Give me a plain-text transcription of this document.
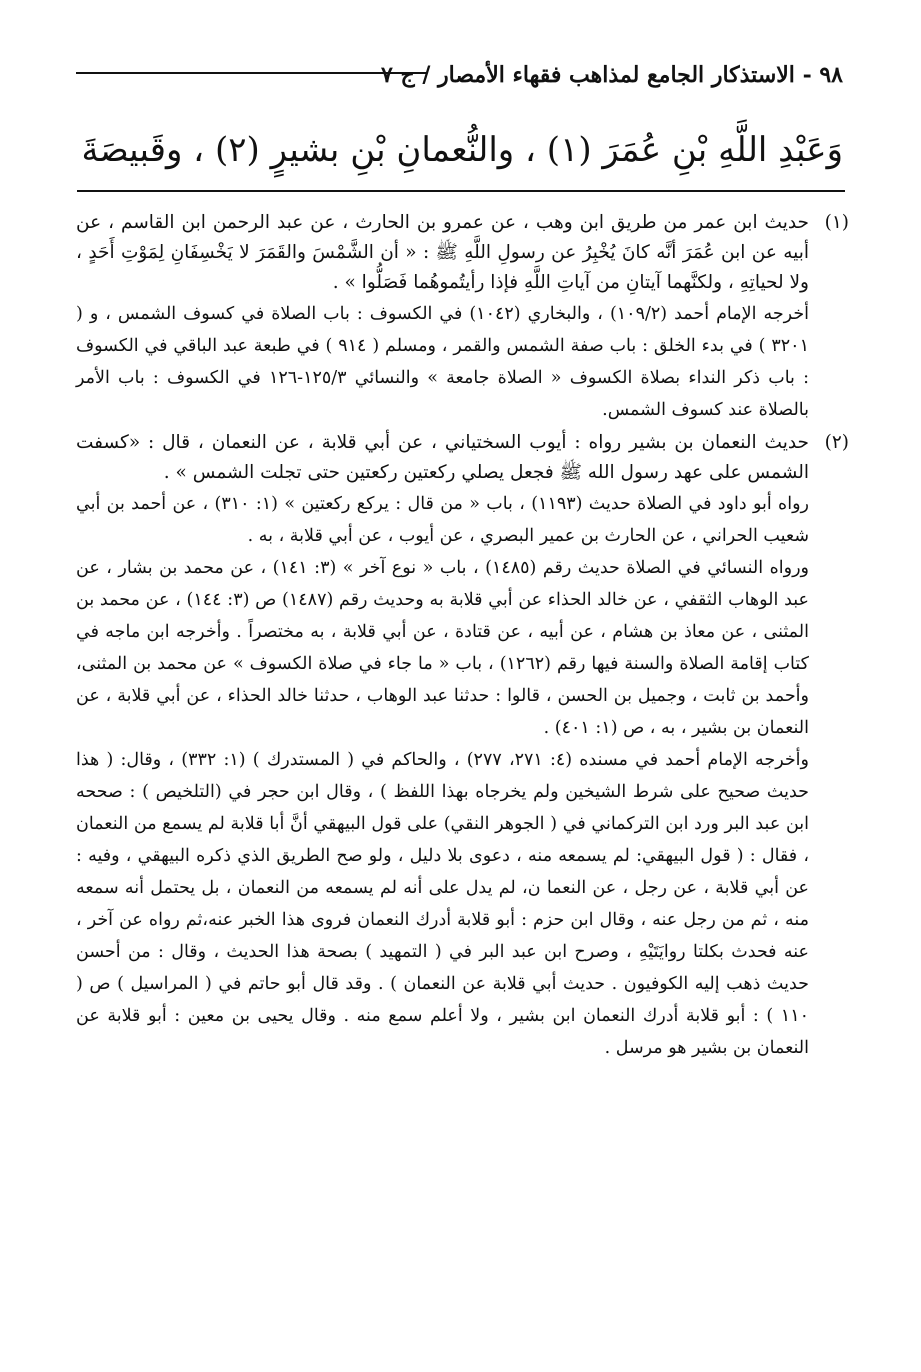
٩٨ - الاستذكار الجامع لمذاهب فقهاء الأمصار / ج ٧
وَعَبْدِ اللَّهِ بْنِ عُمَرَ (١) ، والنُّعمانِ بْنِ بشيرٍ (٢) ، وقَبيصَةَ
(١)

حديث ابن عمر من طريق ابن وهب ، عن عمرو بن الحارث ، عن عبد الرحمن ابن القاسم ، عن أبيه عن ابن عُمَرَ أنَّه كانَ يُخْبِرُ عن رسولِ اللَّهِ ﷺ : « أن الشَّمْسَ والقَمَرَ لا يَخْسِفَانِ لِمَوْتِ أَحَدٍ ، ولا لحياتِهِ ، ولكنَّهما آيتانِ من آياتِ اللَّهِ فإذا رأيتُموهُما فَصَلُّوا » .

أخرجه الإمام أحمد (١٠٩/٢) ، والبخاري (١٠٤٢) في الكسوف : باب الصلاة في كسوف الشمس ، و ( ٣٢٠١ ) في بدء الخلق : باب صفة الشمس والقمر ، ومسلم ( ٩١٤ ) في طبعة عبد الباقي في الكسوف : باب ذكر النداء بصلاة الكسوف « الصلاة جامعة » والنسائي ١٢٥/٣-١٢٦ في الكسوف : باب الأمر بالصلاة عند كسوف الشمس.

(٢)

حديث النعمان بن بشير رواه : أيوب السختياني ، عن أبي قلابة ، عن النعمان ، قال : «كسفت الشمس على عهد رسول الله ﷺ فجعل يصلي ركعتين ركعتين حتى تجلت الشمس » .

رواه أبو داود في الصلاة حديث (١١٩٣) ، باب « من قال : يركع ركعتين » (١: ٣١٠) ، عن أحمد بن أبي شعيب الحراني ، عن الحارث بن عمير البصري ، عن أيوب ، عن أبي قلابة ، به .

ورواه النسائي في الصلاة حديث رقم (١٤٨٥) ، باب « نوع آخر » (٣: ١٤١) ، عن محمد بن بشار ، عن عبد الوهاب الثقفي ، عن خالد الحذاء عن أبي قلابة به وحديث رقم (١٤٨٧) ص (٣: ١٤٤) ، عن محمد بن المثنى ، عن معاذ بن هشام ، عن أبيه ، عن قتادة ، عن أبي قلابة ، به مختصراً . وأخرجه ابن ماجه في كتاب إقامة الصلاة والسنة فيها رقم (١٢٦٢) ، باب « ما جاء في صلاة الكسوف » عن محمد بن المثنى، وأحمد بن ثابت ، وجميل بن الحسن ، قالوا : حدثنا عبد الوهاب ، حدثنا خالد الحذاء ، عن أبي قلابة ، عن النعمان بن بشير ، به ، ص (١: ٤٠١) .

وأخرجه الإمام أحمد في مسنده (٤: ٢٧١، ٢٧٧) ، والحاكم في ( المستدرك ) (١: ٣٣٢) ، وقال: ( هذا حديث صحيح على شرط الشيخين ولم يخرجاه بهذا اللفظ ) ، وقال ابن حجر في (التلخيص ) : صححه ابن عبد البر ورد ابن التركماني في ( الجوهر النقي) على قول البيهقي أنَّ أبا قلابة لم يسمع من النعمان ، فقال : ( قول البيهقي: لم يسمعه منه ، دعوى بلا دليل ، ولو صح الطريق الذي ذكره البيهقي ، وفيه : عن أبي قلابة ، عن رجل ، عن النعما ن، لم يدل على أنه لم يسمعه من النعمان ، بل يحتمل أنه سمعه منه ، ثم من رجل عنه ، وقال ابن حزم : أبو قلابة أدرك النعمان فروى هذا الخبر عنه،ثم رواه عن آخر ، عنه فحدث بكلتا روايَتَيْهِ ، وصرح ابن عبد البر في ( التمهيد ) بصحة هذا الحديث ، وقال : من أحسن حديث ذهب إليه الكوفيون . حديث أبي قلابة عن النعمان ) . وقد قال أبو حاتم في ( المراسيل ) ص ( ١١٠ ) : أبو قلابة أدرك النعمان ابن بشير ، ولا أعلم سمع منه . وقال يحيى بن معين : أبو قلابة عن النعمان بن بشير هو مرسل .
